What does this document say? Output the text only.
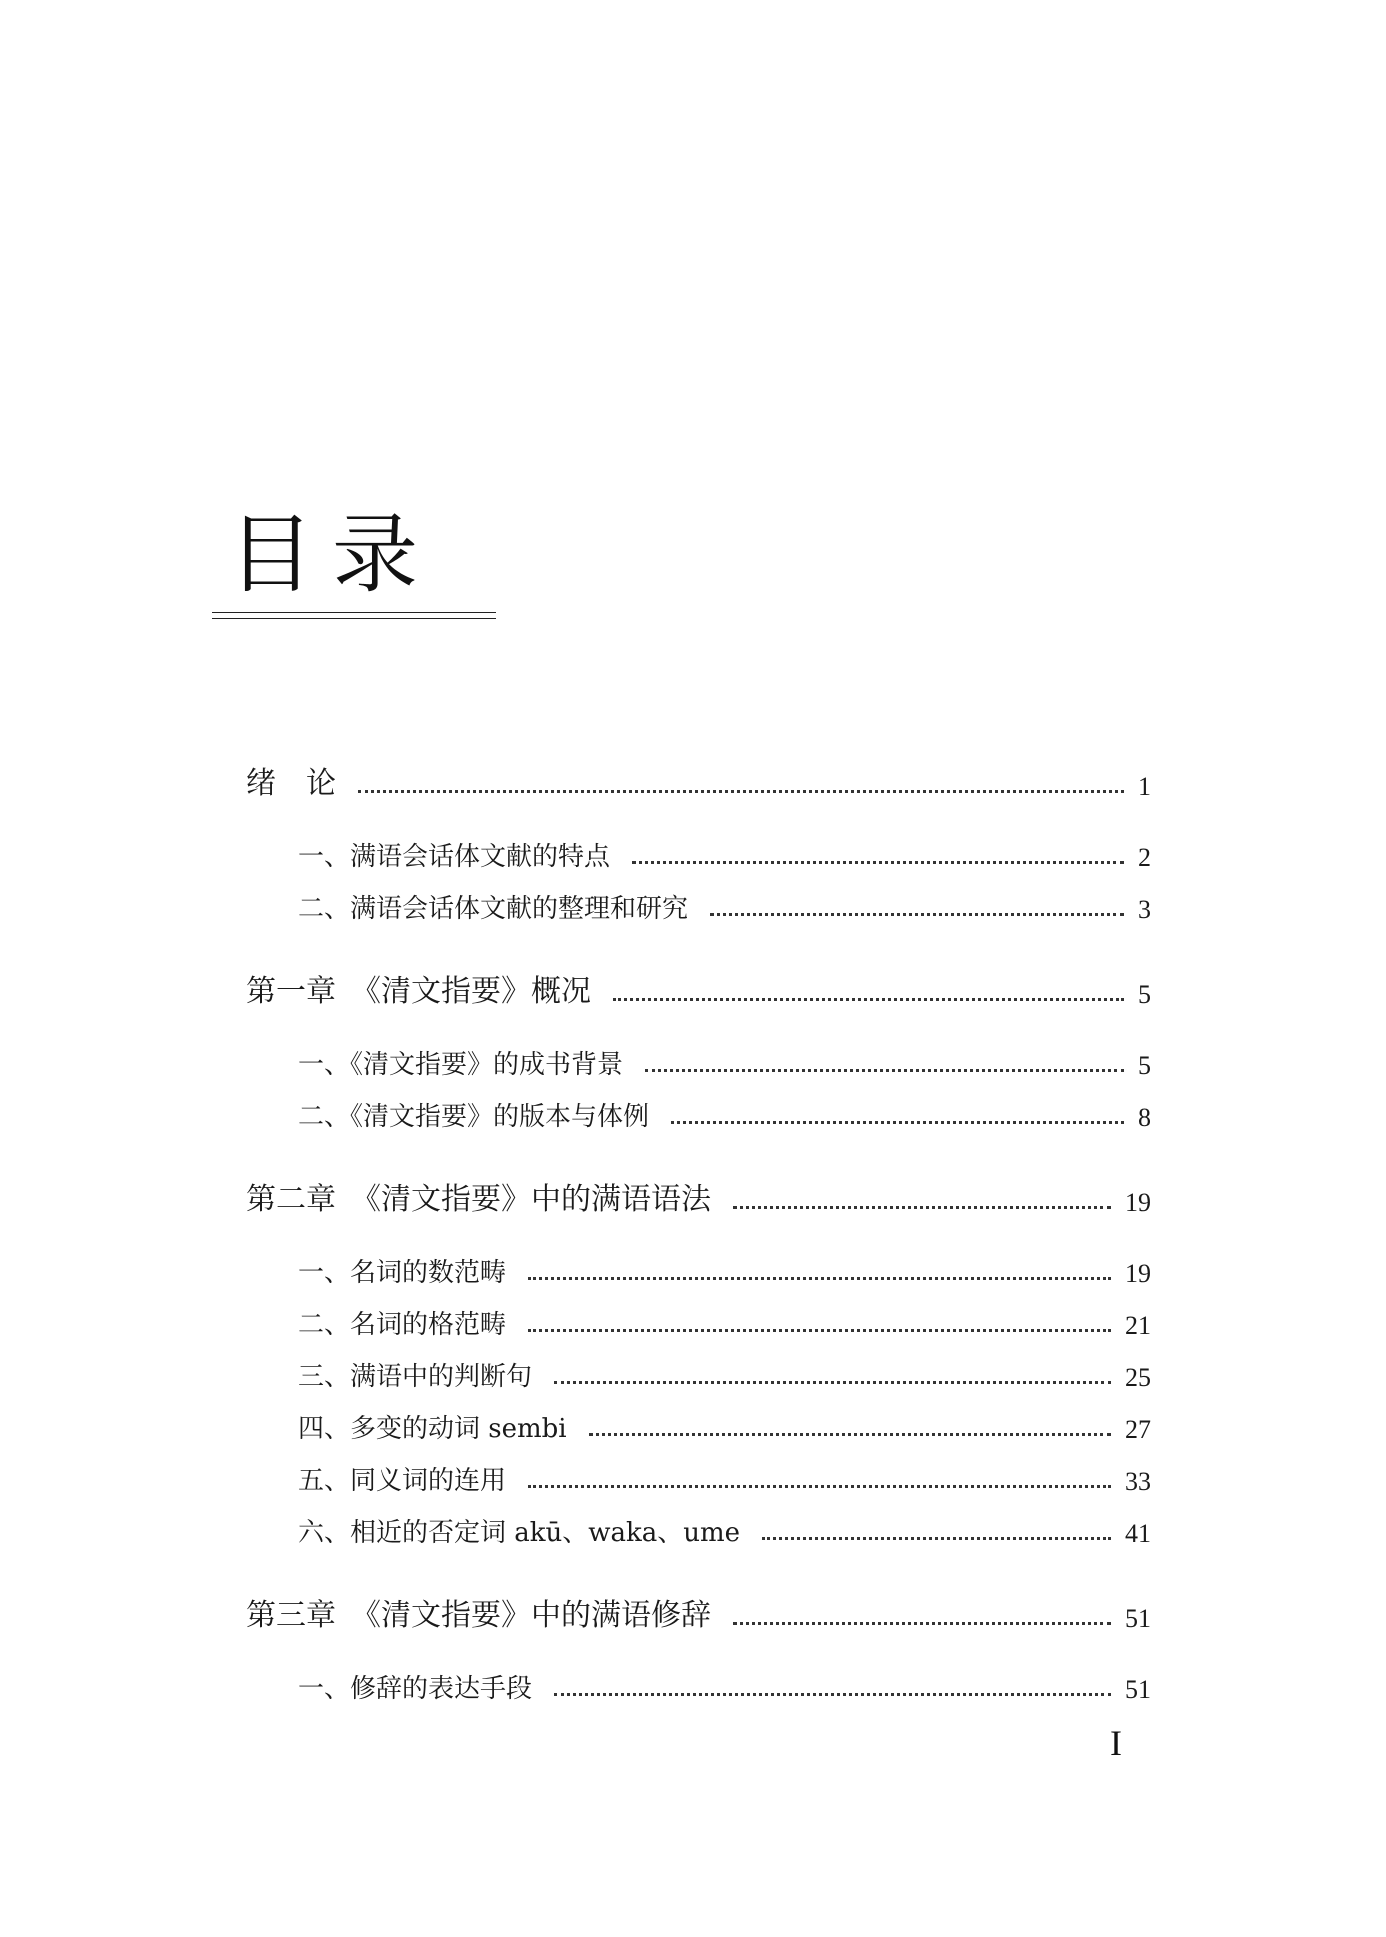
目录
绪　论	1
一、满语会话体文献的特点	2
二、满语会话体文献的整理和研究	3
第一章　《清文指要》概况	5
一、《清文指要》的成书背景	5
二、《清文指要》的版本与体例	8
第二章　《清文指要》中的满语语法	19
一、名词的数范畴	19
二、名词的格范畴	21
三、满语中的判断句	25
四、多变的动词 sembi	27
五、同义词的连用	33
六、相近的否定词 akū、waka、ume	41
第三章　《清文指要》中的满语修辞	51
一、修辞的表达手段	51
I
